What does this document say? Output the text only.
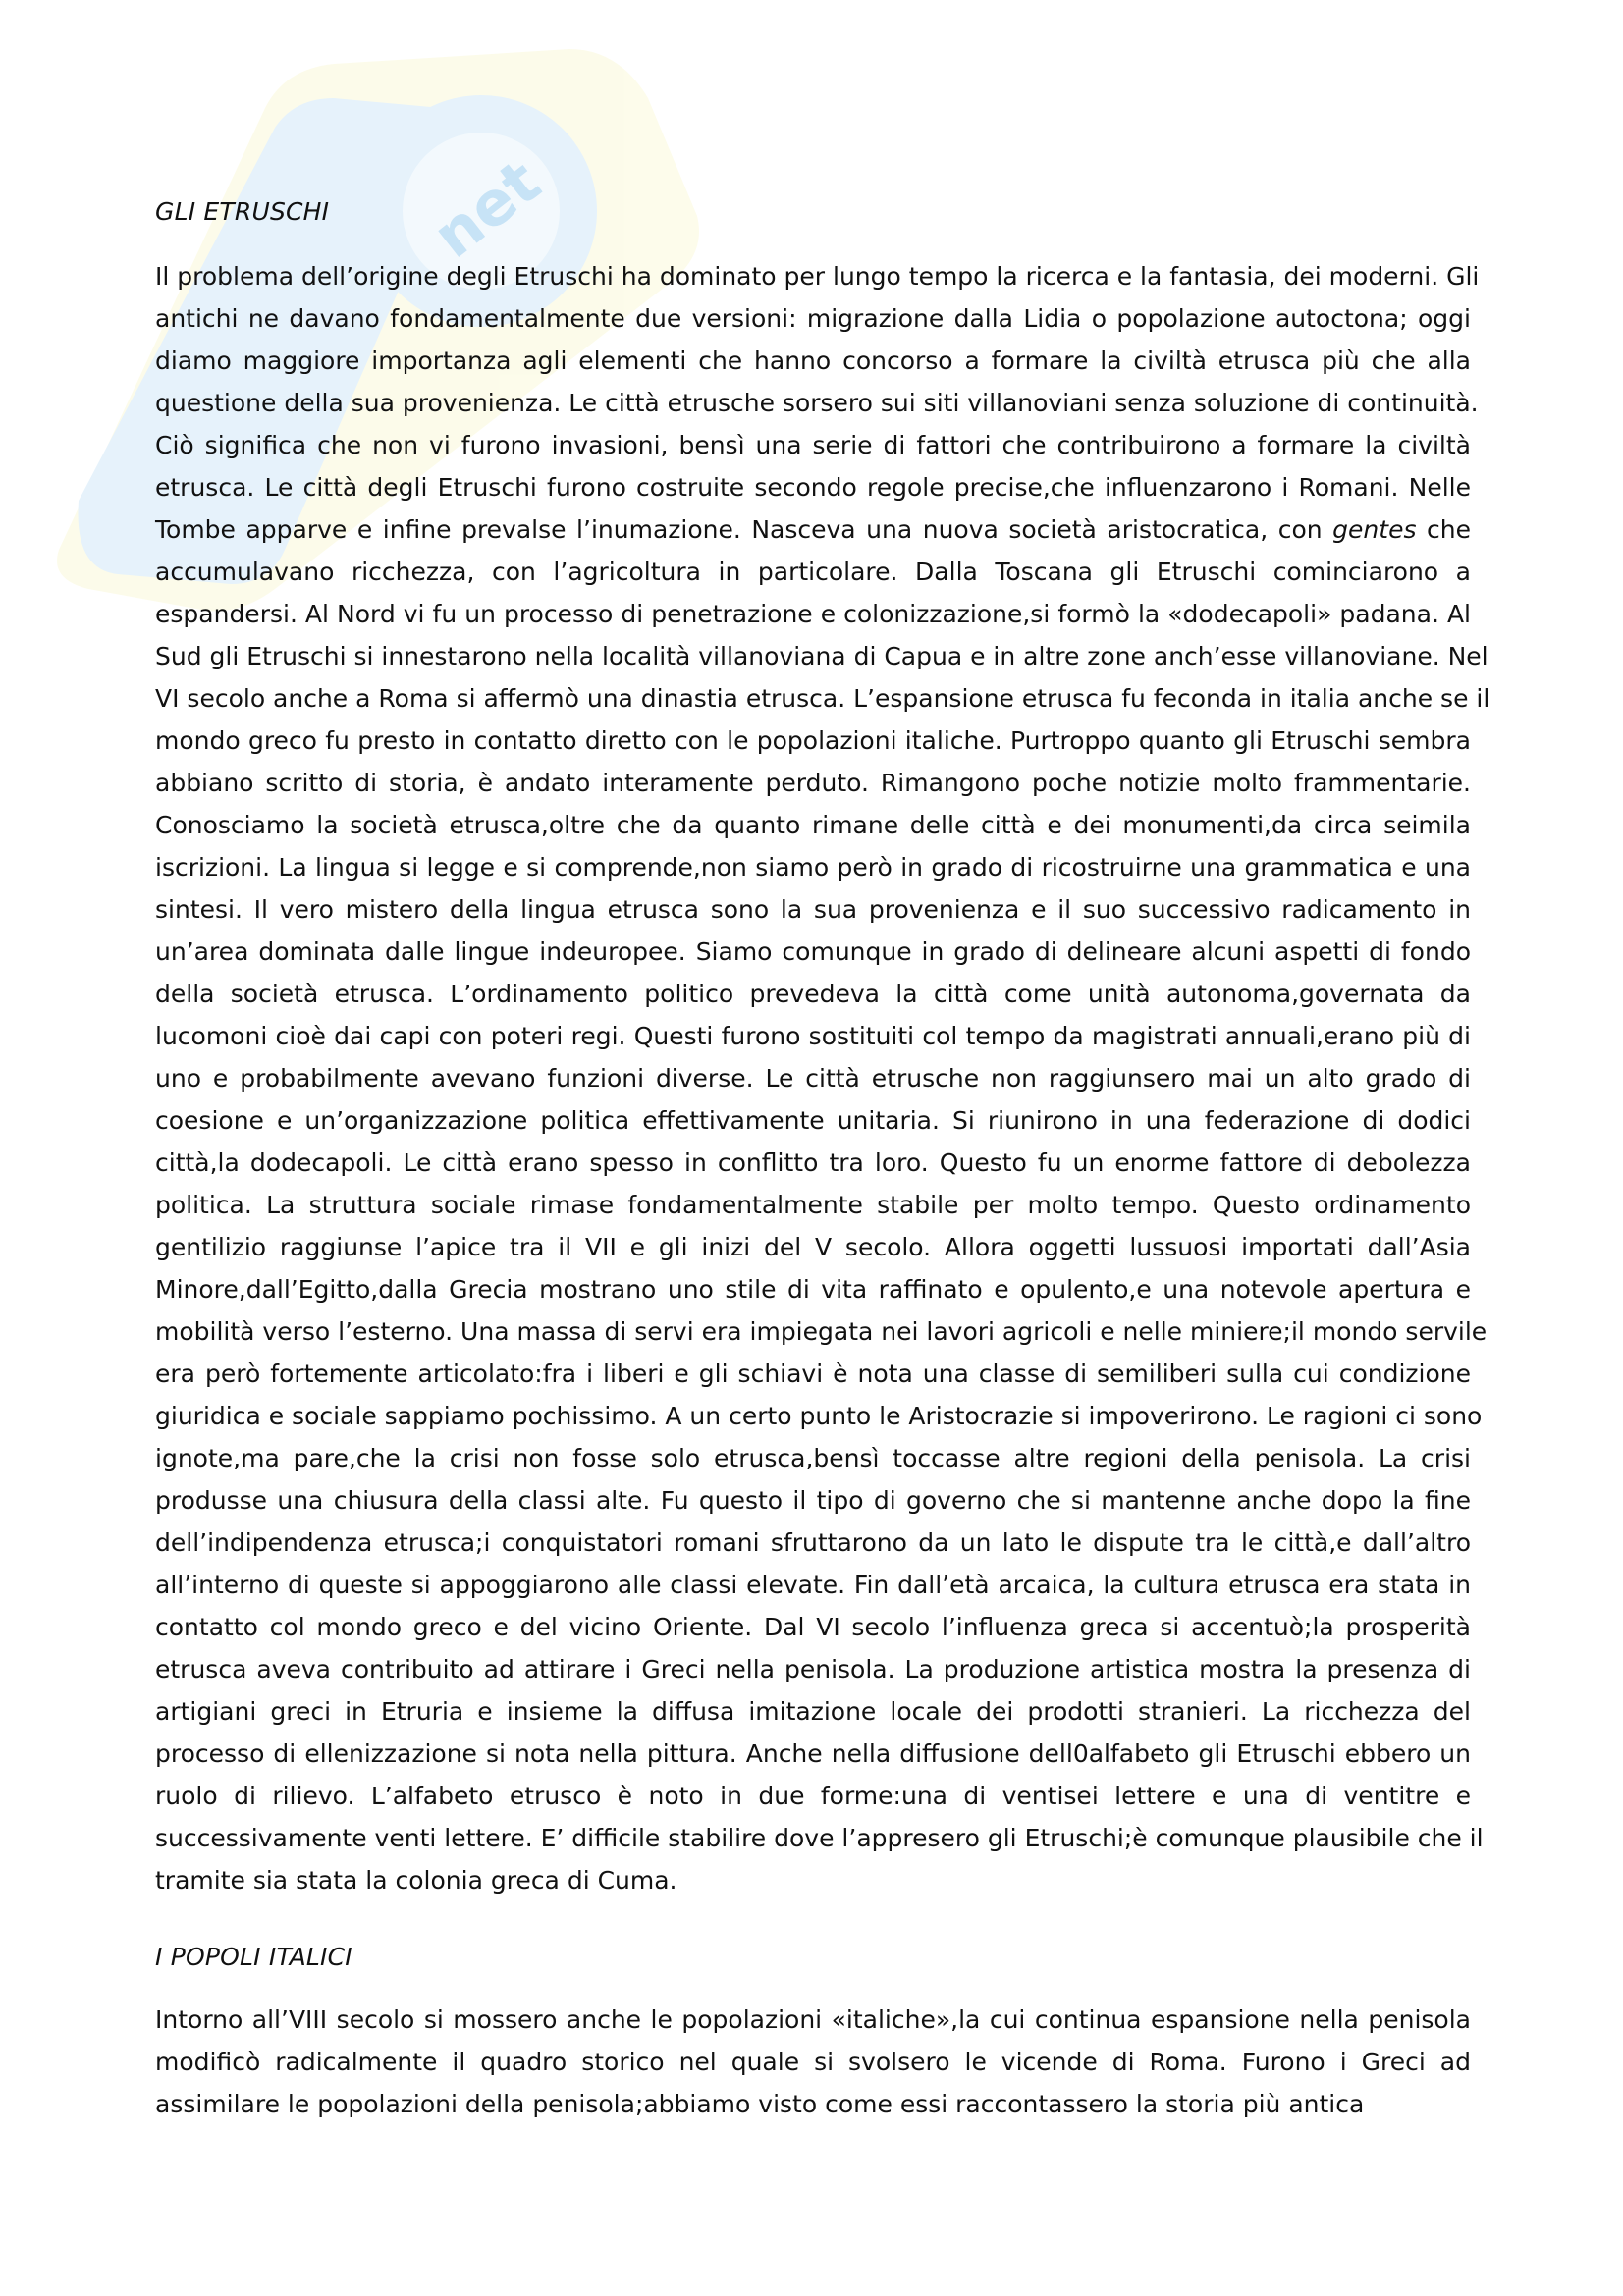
net
GLI ETRUSCHI
Il problema dell’origine degli Etruschi ha dominato per lungo tempo la ricerca e la fantasia, dei moderni. Gli
antichi ne davano fondamentalmente due versioni: migrazione dalla Lidia o popolazione autoctona; oggi
diamo maggiore importanza agli elementi che hanno concorso a formare la civiltà etrusca più che alla
questione della sua provenienza. Le città etrusche sorsero sui siti villanoviani senza soluzione di continuità.
Ciò significa che non vi furono invasioni, bensì una serie di fattori che contribuirono a formare la civiltà
etrusca. Le città degli Etruschi furono costruite secondo regole precise,che influenzarono i Romani. Nelle
Tombe apparve e infine prevalse l’inumazione. Nasceva una nuova società aristocratica, con gentes che
accumulavano ricchezza, con l’agricoltura in particolare. Dalla Toscana gli Etruschi cominciarono a
espandersi. Al Nord vi fu un processo di penetrazione e colonizzazione,si formò la «dodecapoli» padana. Al
Sud gli Etruschi si innestarono nella località villanoviana di Capua e in altre zone anch’esse villanoviane. Nel
VI secolo anche a Roma si affermò una dinastia etrusca. L’espansione etrusca fu feconda in italia anche se il
mondo greco fu presto in contatto diretto con le popolazioni italiche. Purtroppo quanto gli Etruschi sembra
abbiano scritto di storia, è andato interamente perduto. Rimangono poche notizie molto frammentarie.
Conosciamo la società etrusca,oltre che da quanto rimane delle città e dei monumenti,da circa seimila
iscrizioni. La lingua si legge e si comprende,non siamo però in grado di ricostruirne una grammatica e una
sintesi. Il vero mistero della lingua etrusca sono la sua provenienza e il suo successivo radicamento in
un’area dominata dalle lingue indeuropee. Siamo comunque in grado di delineare alcuni aspetti di fondo
della società etrusca. L’ordinamento politico prevedeva la città come unità autonoma,governata da
lucomoni cioè dai capi con poteri regi. Questi furono sostituiti col tempo da magistrati annuali,erano più di
uno e probabilmente avevano funzioni diverse. Le città etrusche non raggiunsero mai un alto grado di
coesione e un’organizzazione politica effettivamente unitaria. Si riunirono in una federazione di dodici
città,la dodecapoli. Le città erano spesso in conflitto tra loro. Questo fu un enorme fattore di debolezza
politica. La struttura sociale rimase fondamentalmente stabile per molto tempo. Questo ordinamento
gentilizio raggiunse l’apice tra il VII e gli inizi del V secolo. Allora oggetti lussuosi importati dall’Asia
Minore,dall’Egitto,dalla Grecia mostrano uno stile di vita raffinato e opulento,e una notevole apertura e
mobilità verso l’esterno. Una massa di servi era impiegata nei lavori agricoli e nelle miniere;il mondo servile
era però fortemente articolato:fra i liberi e gli schiavi è nota una classe di semiliberi sulla cui condizione
giuridica e sociale sappiamo pochissimo. A un certo punto le Aristocrazie si impoverirono. Le ragioni ci sono
ignote,ma pare,che la crisi non fosse solo etrusca,bensì toccasse altre regioni della penisola. La crisi
produsse una chiusura della classi alte. Fu questo il tipo di governo che si mantenne anche dopo la fine
dell’indipendenza etrusca;i conquistatori romani sfruttarono da un lato le dispute tra le città,e dall’altro
all’interno di queste si appoggiarono alle classi elevate. Fin dall’età arcaica, la cultura etrusca era stata in
contatto col mondo greco e del vicino Oriente. Dal VI secolo l’influenza greca si accentuò;la prosperità
etrusca aveva contribuito ad attirare i Greci nella penisola. La produzione artistica mostra la presenza di
artigiani greci in Etruria e insieme la diffusa imitazione locale dei prodotti stranieri. La ricchezza del
processo di ellenizzazione si nota nella pittura. Anche nella diffusione dell0alfabeto gli Etruschi ebbero un
ruolo di rilievo. L’alfabeto etrusco è noto in due forme:una di ventisei lettere e una di ventitre e
successivamente venti lettere. E’ difficile stabilire dove l’appresero gli Etruschi;è comunque plausibile che il
tramite sia stata la colonia greca di Cuma.
I POPOLI ITALICI
Intorno all’VIII secolo si mossero anche le popolazioni «italiche»,la cui continua espansione nella penisola
modificò radicalmente il quadro storico nel quale si svolsero le vicende di Roma. Furono i Greci ad
assimilare le popolazioni della penisola;abbiamo visto come essi raccontassero la storia più antica
